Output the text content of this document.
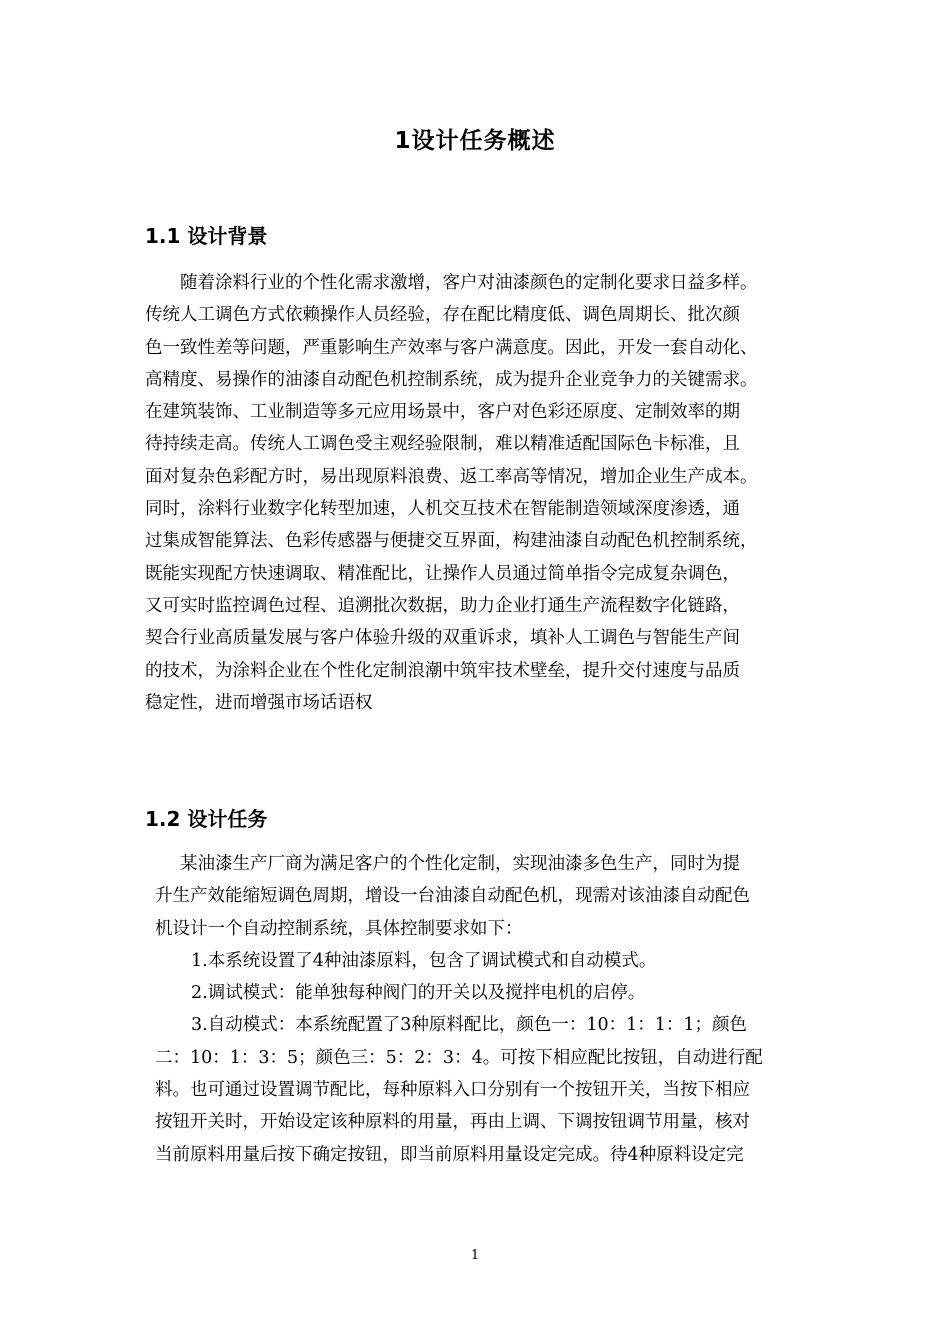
1设计任务概述
1.1 设计背景
随着涂料行业的个性化需求激增，客户对油漆颜色的定制化要求日益多样。
传统人工调色方式依赖操作人员经验，存在配比精度低、调色周期长、批次颜
色一致性差等问题，严重影响生产效率与客户满意度。因此，开发一套自动化、
高精度、易操作的油漆自动配色机控制系统，成为提升企业竞争力的关键需求。
在建筑装饰、工业制造等多元应用场景中，客户对色彩还原度、定制效率的期
待持续走高。传统人工调色受主观经验限制，难以精准适配国际色卡标准，且
面对复杂色彩配方时，易出现原料浪费、返工率高等情况，增加企业生产成本。
同时，涂料行业数字化转型加速，人机交互技术在智能制造领域深度渗透，通
过集成智能算法、色彩传感器与便捷交互界面，构建油漆自动配色机控制系统，
既能实现配方快速调取、精准配比，让操作人员通过简单指令完成复杂调色，
又可实时监控调色过程、追溯批次数据，助力企业打通生产流程数字化链路，
契合行业高质量发展与客户体验升级的双重诉求，填补人工调色与智能生产间
的技术，为涂料企业在个性化定制浪潮中筑牢技术壁垒，提升交付速度与品质
稳定性，进而增强市场话语权
1.2 设计任务
某油漆生产厂商为满足客户的个性化定制，实现油漆多色生产，同时为提
升生产效能缩短调色周期，增设一台油漆自动配色机，现需对该油漆自动配色
机设计一个自动控制系统，具体控制要求如下：
1.本系统设置了4种油漆原料，包含了调试模式和自动模式。
2.调试模式：能单独每种阀门的开关以及搅拌电机的启停。
3.自动模式：本系统配置了3种原料配比，颜色一：10：1：1：1；颜色
二：10：1：3：5；颜色三：5：2：3：4。可按下相应配比按钮，自动进行配
料。也可通过设置调节配比，每种原料入口分别有一个按钮开关，当按下相应
按钮开关时，开始设定该种原料的用量，再由上调、下调按钮调节用量，核对
当前原料用量后按下确定按钮，即当前原料用量设定完成。待4种原料设定完
1
